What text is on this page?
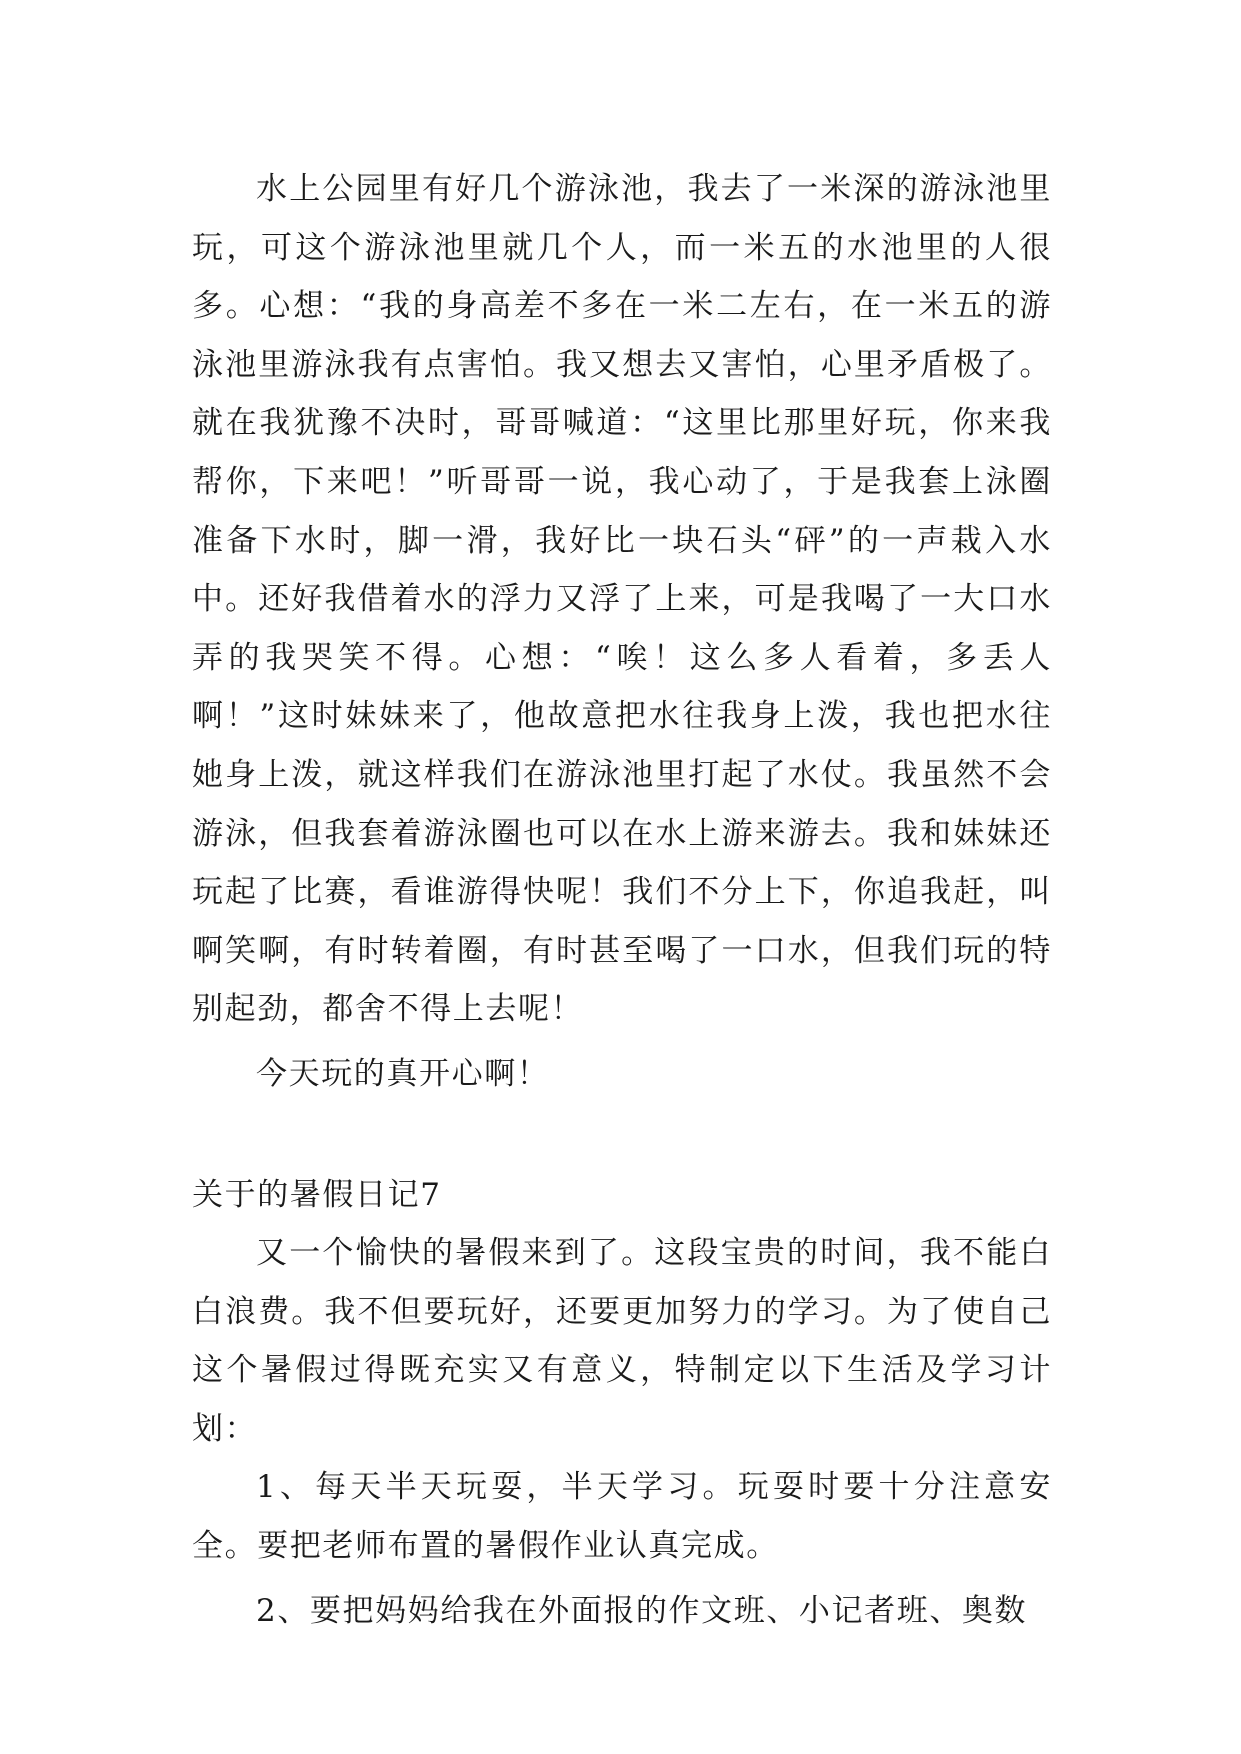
水上公园里有好几个游泳池，我去了一米深的游泳池里玩，可这个游泳池里就几个人，而一米五的水池里的人很多。心想：“我的身高差不多在一米二左右，在一米五的游泳池里游泳我有点害怕。我又想去又害怕，心里矛盾极了。就在我犹豫不决时，哥哥喊道：“这里比那里好玩，你来我帮你，下来吧！”听哥哥一说，我心动了，于是我套上泳圈准备下水时，脚一滑，我好比一块石头“砰”的一声栽入水中。还好我借着水的浮力又浮了上来，可是我喝了一大口水弄的我哭笑不得。心想：“唉！这么多人看着，多丢人啊！”这时妹妹来了，他故意把水往我身上泼，我也把水往她身上泼，就这样我们在游泳池里打起了水仗。我虽然不会游泳，但我套着游泳圈也可以在水上游来游去。我和妹妹还玩起了比赛，看谁游得快呢！我们不分上下，你追我赶，叫啊笑啊，有时转着圈，有时甚至喝了一口水，但我们玩的特别起劲，都舍不得上去呢！

今天玩的真开心啊！

关于的暑假日记7

又一个愉快的暑假来到了。这段宝贵的时间，我不能白白浪费。我不但要玩好，还要更加努力的学习。为了使自己这个暑假过得既充实又有意义，特制定以下生活及学习计划：

1、每天半天玩耍，半天学习。玩耍时要十分注意安全。要把老师布置的暑假作业认真完成。

2、要把妈妈给我在外面报的作文班、小记者班、奥数
